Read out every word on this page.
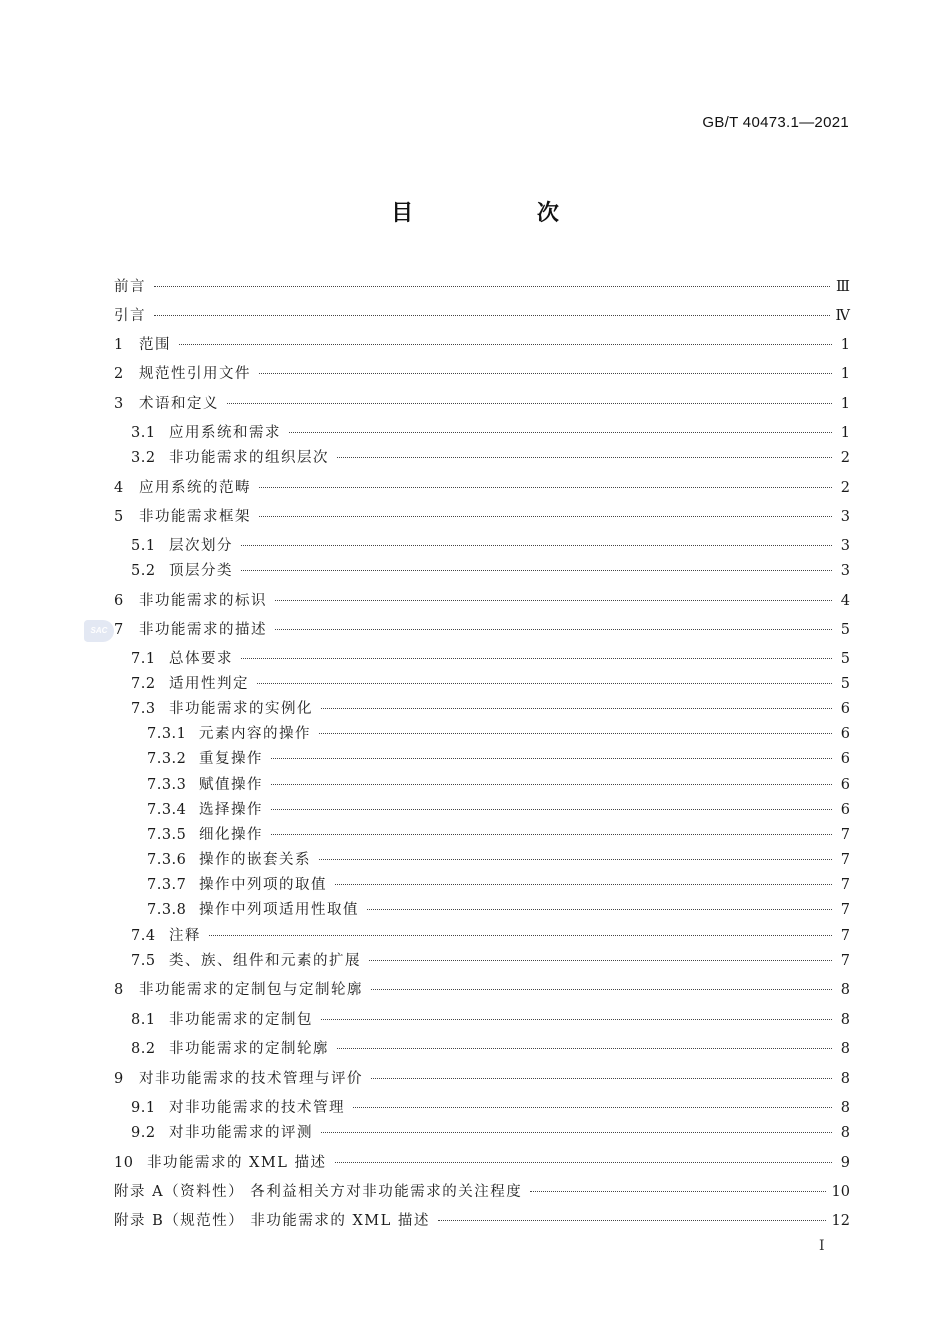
GB/T 40473.1—2021
目 次
SAC
前言	Ⅲ
引言	Ⅳ
1	范围	1
2	规范性引用文件	1
3	术语和定义	1
3.1 应用系统和需求	1
3.2 非功能需求的组织层次	2
4	应用系统的范畴	2
5	非功能需求框架	3
5.1 层次划分	3
5.2 顶层分类	3
6	非功能需求的标识	4
7	非功能需求的描述	5
7.1 总体要求	5
7.2 适用性判定	5
7.3 非功能需求的实例化	6
7.3.1 元素内容的操作	6
7.3.2 重复操作	6
7.3.3 赋值操作	6
7.3.4 选择操作	6
7.3.5 细化操作	7
7.3.6 操作的嵌套关系	7
7.3.7 操作中列项的取值	7
7.3.8 操作中列项适用性取值	7
7.4 注释	7
7.5 类、族、组件和元素的扩展	7
8	非功能需求的定制包与定制轮廓	8
8.1 非功能需求的定制包	8
8.2 非功能需求的定制轮廓	8
9	对非功能需求的技术管理与评价	8
9.1 对非功能需求的技术管理	8
9.2 对非功能需求的评测	8
10 非功能需求的 XML 描述	9
附录 A（资料性） 各利益相关方对非功能需求的关注程度	10
附录 B（规范性） 非功能需求的 XML 描述	12
I
